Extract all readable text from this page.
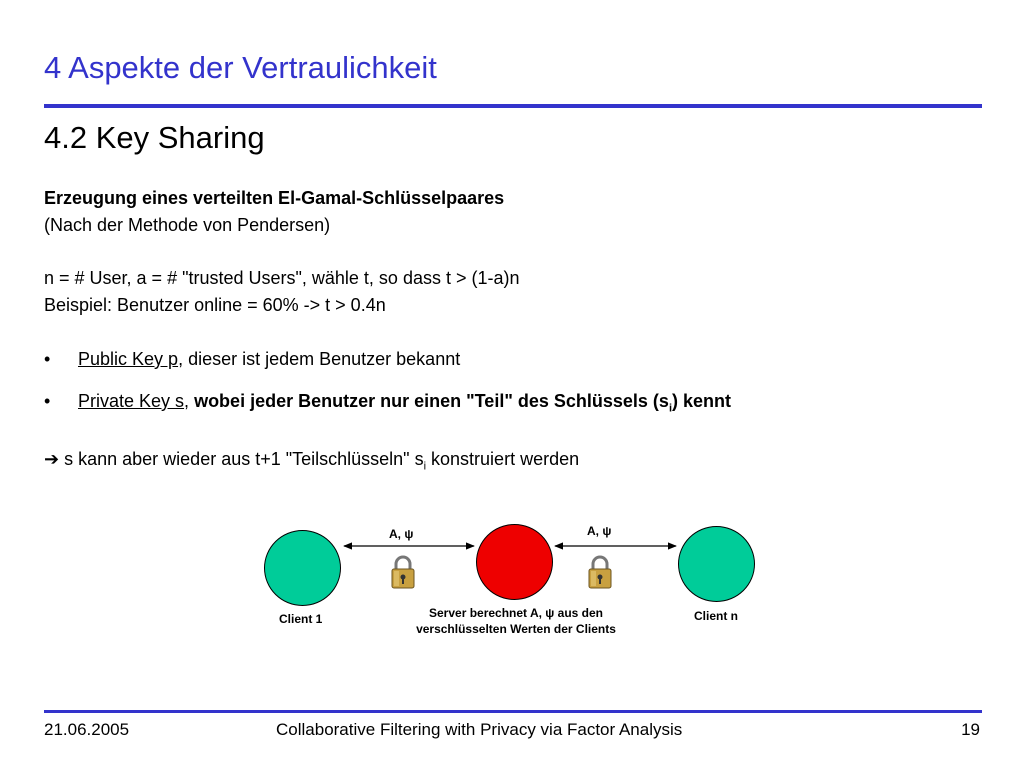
4 Aspekte der Vertraulichkeit
4.2 Key Sharing
Erzeugung eines verteilten El-Gamal-Schlüsselpaares
(Nach der Methode von Pendersen)
n = # User, a = # "trusted Users", wähle t, so dass t > (1-a)n
Beispiel: Benutzer online = 60% -> t > 0.4n
• Public Key p, dieser ist jedem Benutzer bekannt
• Private Key s, wobei jeder Benutzer nur einen "Teil" des Schlüssels $(s_i)$ kennt
➔ s kann aber wieder aus t+1 "Teilschlüsseln" $s_i$ konstruiert werden
A, ψ	A, ψ
Client 1	Client n
Server berechnet A, ψ aus den
verschlüsselten Werten der Clients
21.06.2005	Collaborative Filtering with Privacy via Factor Analysis	19
